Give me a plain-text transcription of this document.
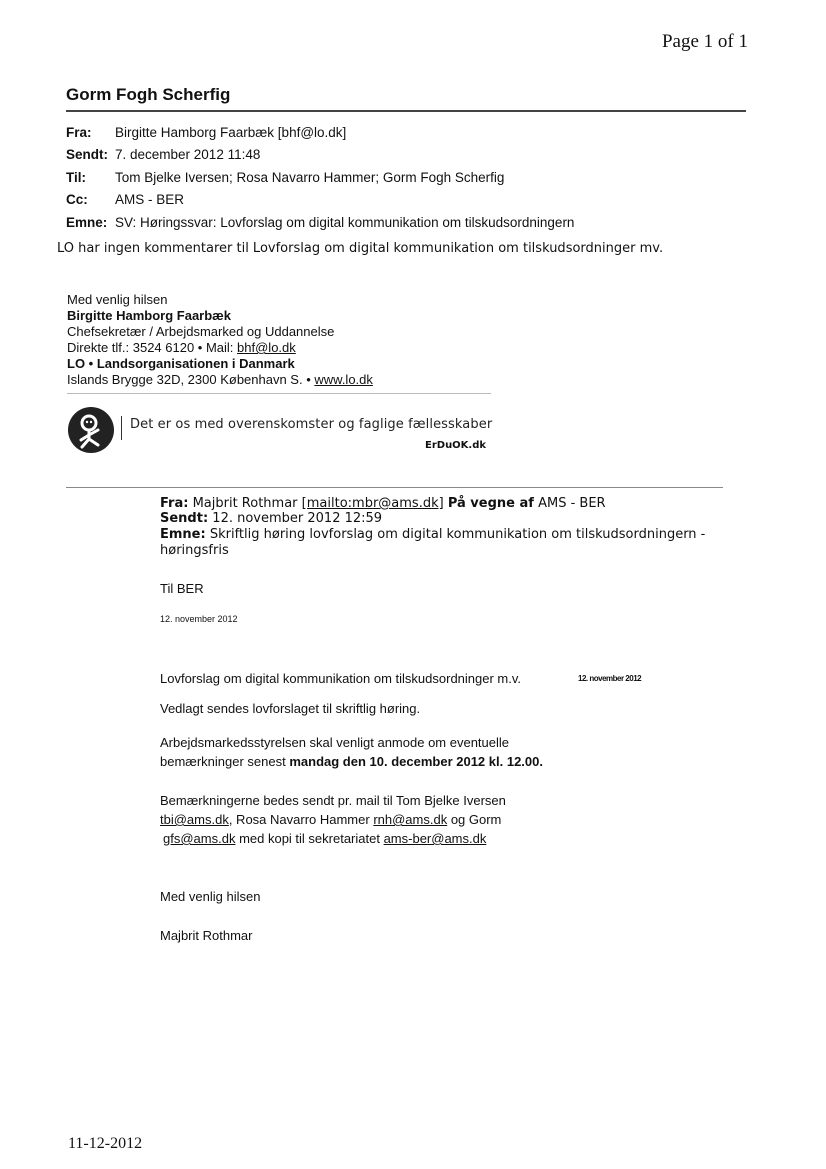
Page 1 of 1
Gorm Fogh Scherfig
Fra: Birgitte Hamborg Faarbæk [bhf@lo.dk]
Sendt: 7. december 2012 11:48
Til: Tom Bjelke Iversen; Rosa Navarro Hammer; Gorm Fogh Scherfig
Cc: AMS - BER
Emne: SV: Høringssvar: Lovforslag om digital kommunikation om tilskudsordningern
LO har ingen kommentarer til Lovforslag om digital kommunikation om tilskudsordninger mv.
Med venlig hilsen
Birgitte Hamborg Faarbæk
Chefsekretær / Arbejdsmarked og Uddannelse
Direkte tlf.: 3524 6120 • Mail: bhf@lo.dk
LO • Landsorganisationen i Danmark
Islands Brygge 32D, 2300 København S. • www.lo.dk
Det er os med overenskomster og faglige fællesskaber
ErDuOK.dk
Fra: Majbrit Rothmar [mailto:mbr@ams.dk] På vegne af AMS - BER
Sendt: 12. november 2012 12:59
Emne: Skriftlig høring lovforslag om digital kommunikation om tilskudsordningern -
høringsfris
Til BER
12. november 2012
Lovforslag om digital kommunikation om tilskudsordninger m.v.	12. november 2012
Vedlagt sendes lovforslaget til skriftlig høring.
Arbejdsmarkedsstyrelsen skal venligt anmode om eventuelle
bemærkninger senest mandag den 10. december 2012 kl. 12.00.
Bemærkningerne bedes sendt pr. mail til Tom Bjelke Iversen
tbi@ams.dk, Rosa Navarro Hammer rnh@ams.dk og Gorm
gfs@ams.dk med kopi til sekretariatet ams-ber@ams.dk
Med venlig hilsen
Majbrit Rothmar
11-12-2012
